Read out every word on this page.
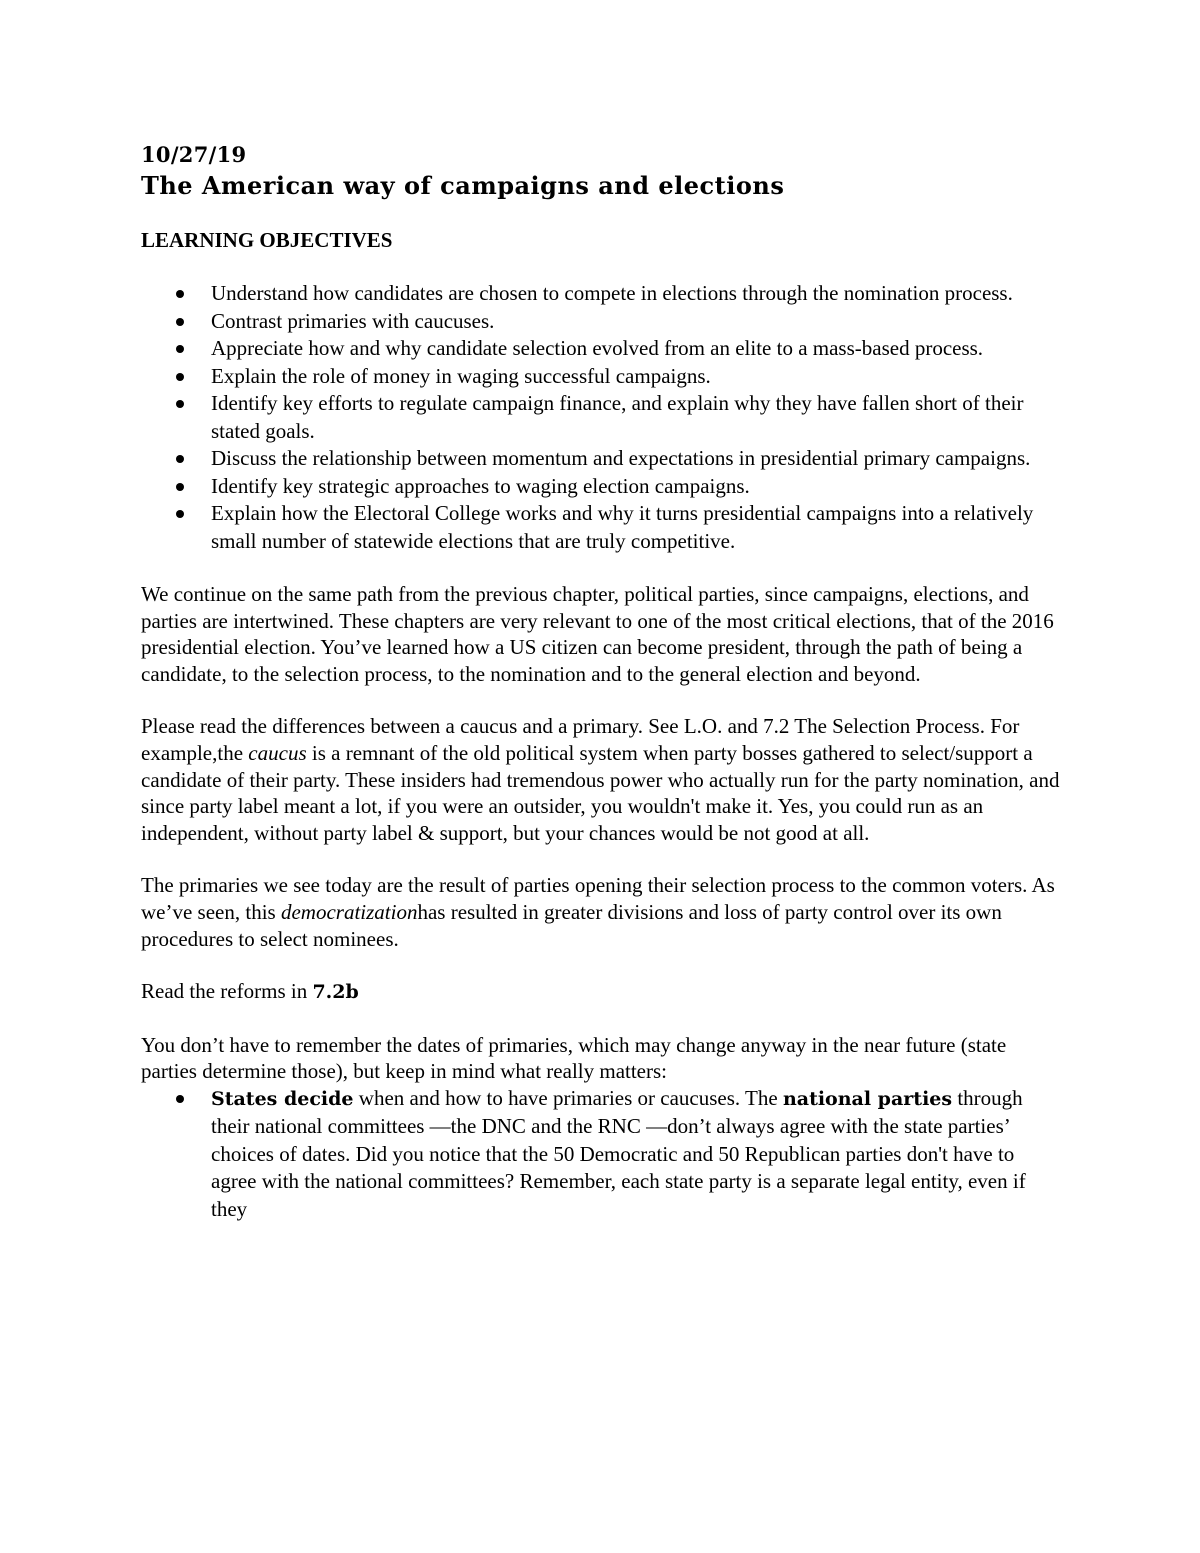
10/27/19
The American way of campaigns and elections
LEARNING OBJECTIVES
Understand how candidates are chosen to compete in elections through the nomination process.
Contrast primaries with caucuses.
Appreciate how and why candidate selection evolved from an elite to a mass-based process.
Explain the role of money in waging successful campaigns.
Identify key efforts to regulate campaign finance, and explain why they have fallen short of their stated goals.
Discuss the relationship between momentum and expectations in presidential primary campaigns.
Identify key strategic approaches to waging election campaigns.
Explain how the Electoral College works and why it turns presidential campaigns into a relatively small number of statewide elections that are truly competitive.

We continue on the same path from the previous chapter, political parties, since campaigns, elections, and parties are intertwined. These chapters are very relevant to one of the most critical elections, that of the 2016 presidential election. You’ve learned how a US citizen can become president, through the path of being a candidate, to the selection process, to the nomination and to the general election and beyond.

Please read the differences between a caucus and a primary. See L.O. and 7.2 The Selection Process. For example,the caucus is a remnant of the old political system when party bosses gathered to select/support a candidate of their party. These insiders had tremendous power who actually run for the party nomination, and since party label meant a lot, if you were an outsider, you wouldn't make it. Yes, you could run as an independent, without party label & support, but your chances would be not good at all.

The primaries we see today are the result of parties opening their selection process to the common voters. As we’ve seen, this democratizationhas resulted in greater divisions and loss of party control over its own procedures to select nominees.

Read the reforms in 7.2b

You don’t have to remember the dates of primaries, which may change anyway in the near future (state parties determine those), but keep in mind what really matters:

States decide when and how to have primaries or caucuses. The national parties through their national committees —the DNC and the RNC —don’t always agree with the state parties’ choices of dates. Did you notice that the 50 Democratic and 50 Republican parties don't have to agree with the national committees? Remember, each state party is a separate legal entity, even if they
